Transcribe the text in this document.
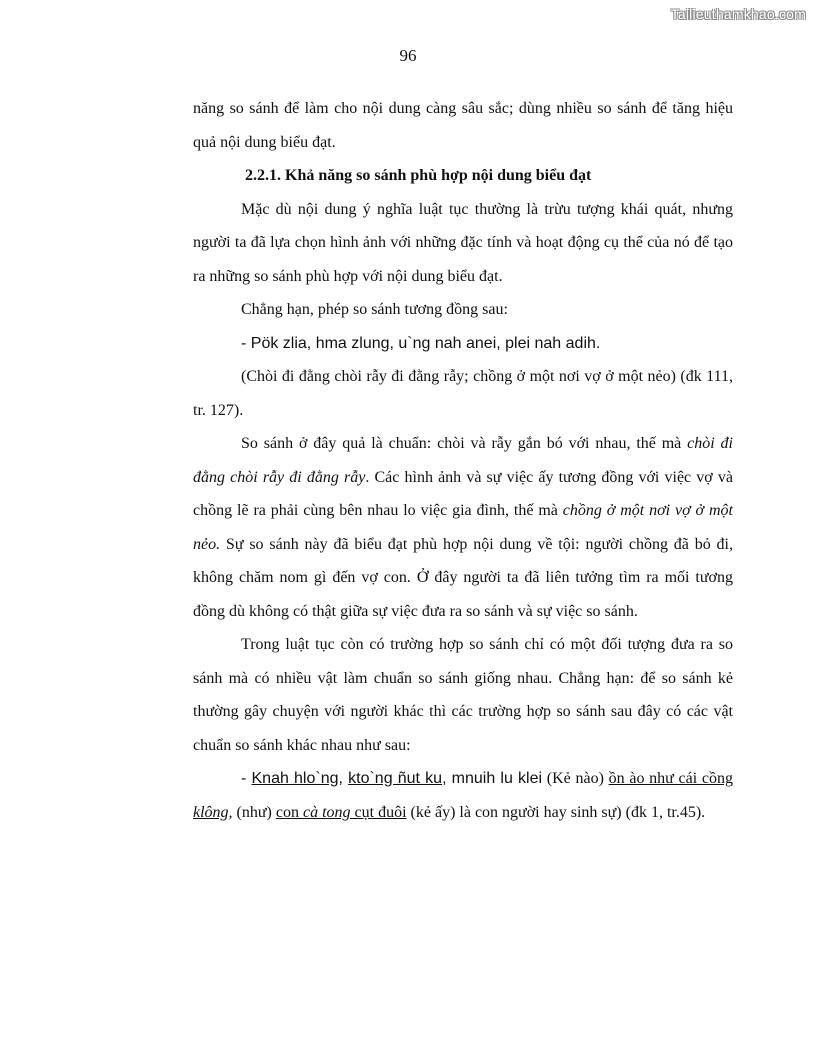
Tailieuthamkhao.com
96

năng so sánh để làm cho nội dung càng sâu sắc; dùng nhiều so sánh để tăng hiệu quả nội dung biểu đạt.

2.2.1. Khả năng so sánh phù hợp nội dung biểu đạt

Mặc dù nội dung ý nghĩa luật tục thường là trừu tượng khái quát, nhưng người ta đã lựa chọn hình ảnh với những đặc tính và hoạt động cụ thể của nó để tạo ra những so sánh phù hợp với nội dung biểu đạt.

Chẳng hạn, phép so sánh tương đồng sau:

- Pök zlia, hma zlung, u`ng nah anei, plei nah adih.

(Chòi đi đằng chòi rẫy đi đằng rẫy; chồng ở một nơi vợ ở một nẻo) (đk 111, tr. 127).

So sánh ở đây quả là chuẩn: chòi và rẫy gắn bó với nhau, thế mà chòi đi đằng chòi rẫy đi đằng rẫy. Các hình ảnh và sự việc ấy tương đồng với việc vợ và chồng lẽ ra phải cùng bên nhau lo việc gia đình, thế mà chồng ở một nơi vợ ở một nẻo. Sự so sánh này đã biểu đạt phù hợp nội dung về tội: người chồng đã bỏ đi, không chăm nom gì đến vợ con. Ở đây người ta đã liên tưởng tìm ra mối tương đồng dù không có thật giữa sự việc đưa ra so sánh và sự việc so sánh.

Trong luật tục còn có trường hợp so sánh chỉ có một đối tượng đưa ra so sánh mà có nhiều vật làm chuẩn so sánh giống nhau. Chẳng hạn: để so sánh kẻ thường gây chuyện với người khác thì các trường hợp so sánh sau đây có các vật chuẩn so sánh khác nhau như sau:

- Knah hlo`ng, kto`ng ñut ku, mnuih lu klei (Kẻ nào) ồn ào như cái cồng klông, (như) con cà tong cụt đuôi (kẻ ấy) là con người hay sinh sự) (đk 1, tr.45).
